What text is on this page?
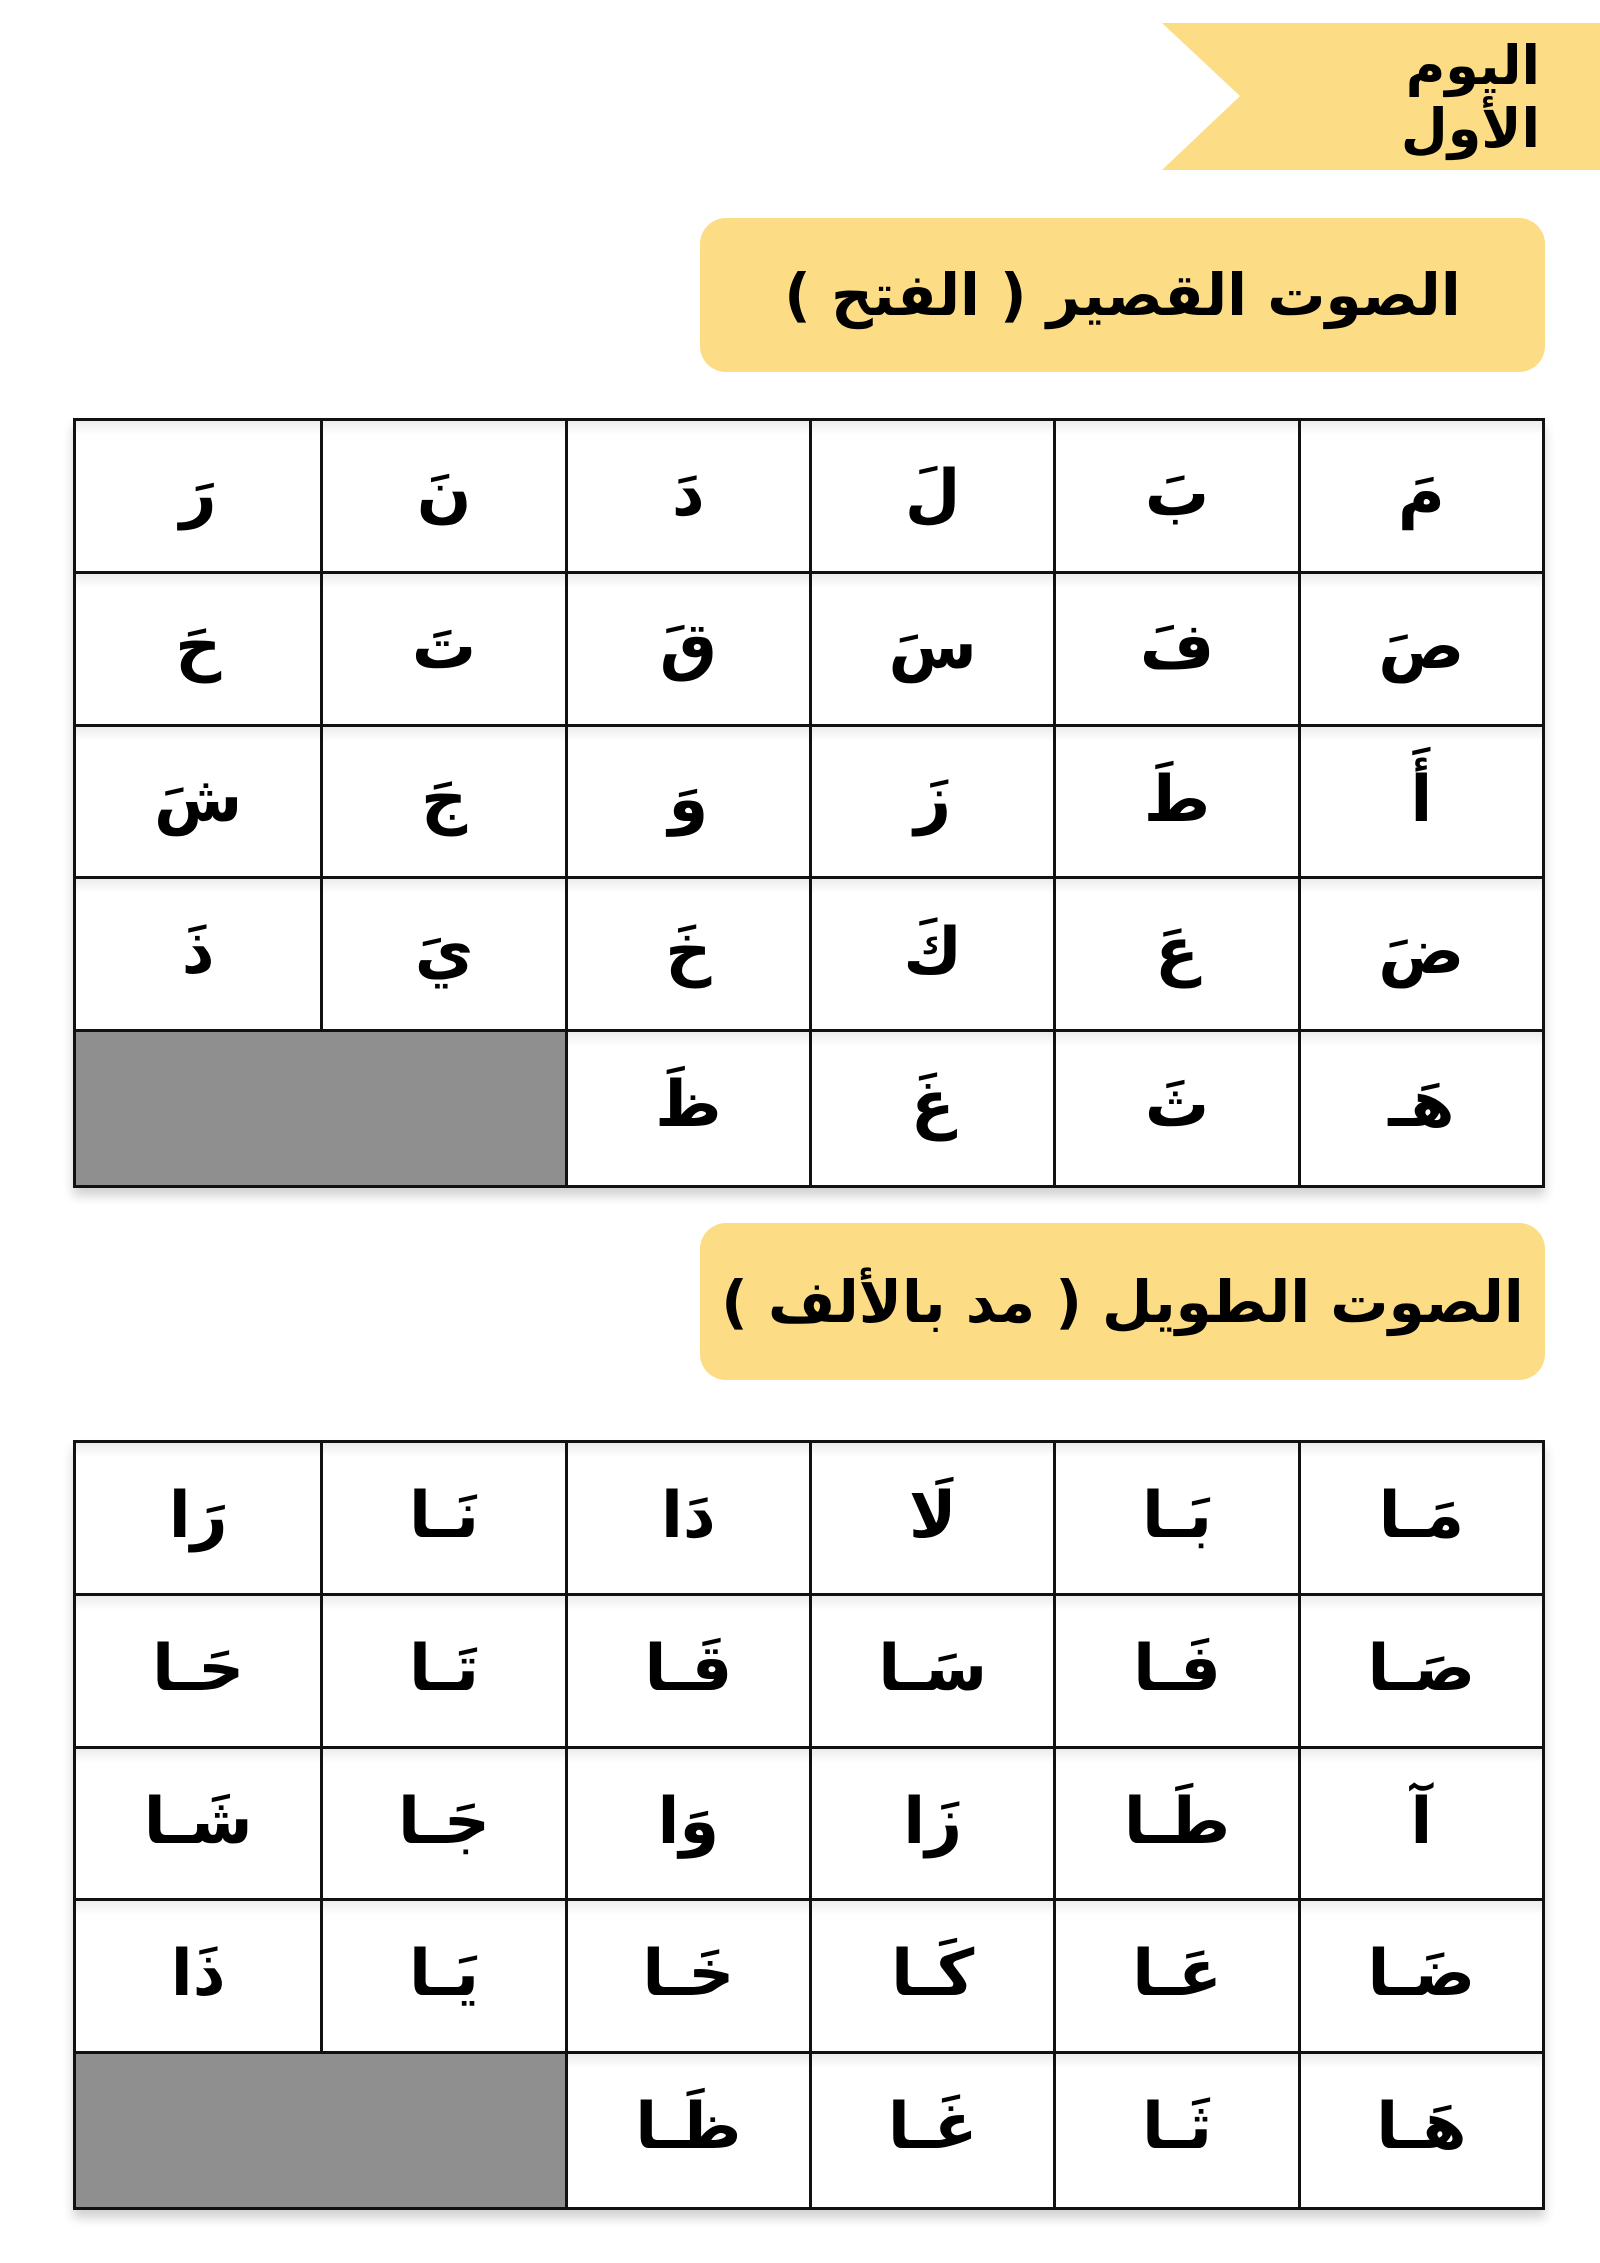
اليوم الأول
الصوت القصير ( الفتح )
مَ
بَ
لَ
دَ
نَ
رَ
صَ
فَ
سَ
قَ
تَ
حَ
أَ
طَ
زَ
وَ
جَ
شَ
ضَ
عَ
كَ
خَ
يَ
ذَ
هَـ
ثَ
غَ
ظَ
الصوت الطويل ( مد بالألف )
مَـا
بَـا
لَا
دَا
نَـا
رَا
صَـا
فَـا
سَـا
قَـا
تَـا
حَـا
آ
طَـا
زَا
وَا
جَـا
شَـا
ضَـا
عَـا
كَـا
خَـا
يَـا
ذَا
هَـا
ثَـا
غَـا
ظَـا
